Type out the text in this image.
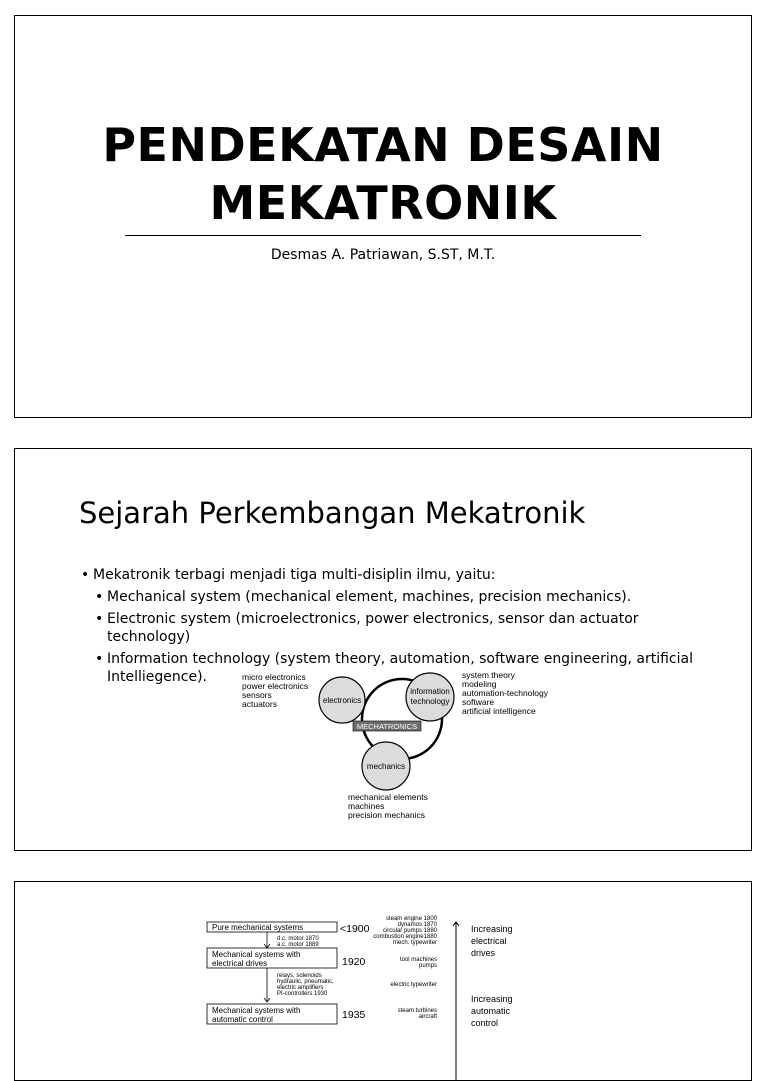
PENDEKATAN DESAIN
MEKATRONIK
Desmas A. Patriawan, S.ST, M.T.
Sejarah Perkembangan Mekatronik
• Mekatronik terbagi menjadi tiga multi-disiplin ilmu, yaitu:
• Mechanical system (mechanical element, machines, precision mechanics).
• Electronic system (microelectronics, power electronics, sensor dan actuator technology)
• Information technology (system theory, automation, software engineering, artificial Intelliegence).
MECHATRONICS
electronics
information
technology
mechanics
micro electronics
power electronics
sensors
actuators
system theory
modeling
automation-technology
software
artificial intelligence
mechanical elements
machines
precision mechanics
Pure mechanical systems	<1900
d.c. motor 1870
a.c. motor 1889
Mechanical systems with
electrical drives	1920
relays, solenoids
hydraulic, pneumatic,
electric amplifiers
PI-controllers 1930
Mechanical systems with
automatic control	1935
steam engine 1800
dynamos 1870
circular pumps 1880
combustion engine1880
mech. typewriter
tool machines
pumps
electric typewriter
steam turbines
aircraft
Increasing
electrical
drives
Increasing
automatic
control
